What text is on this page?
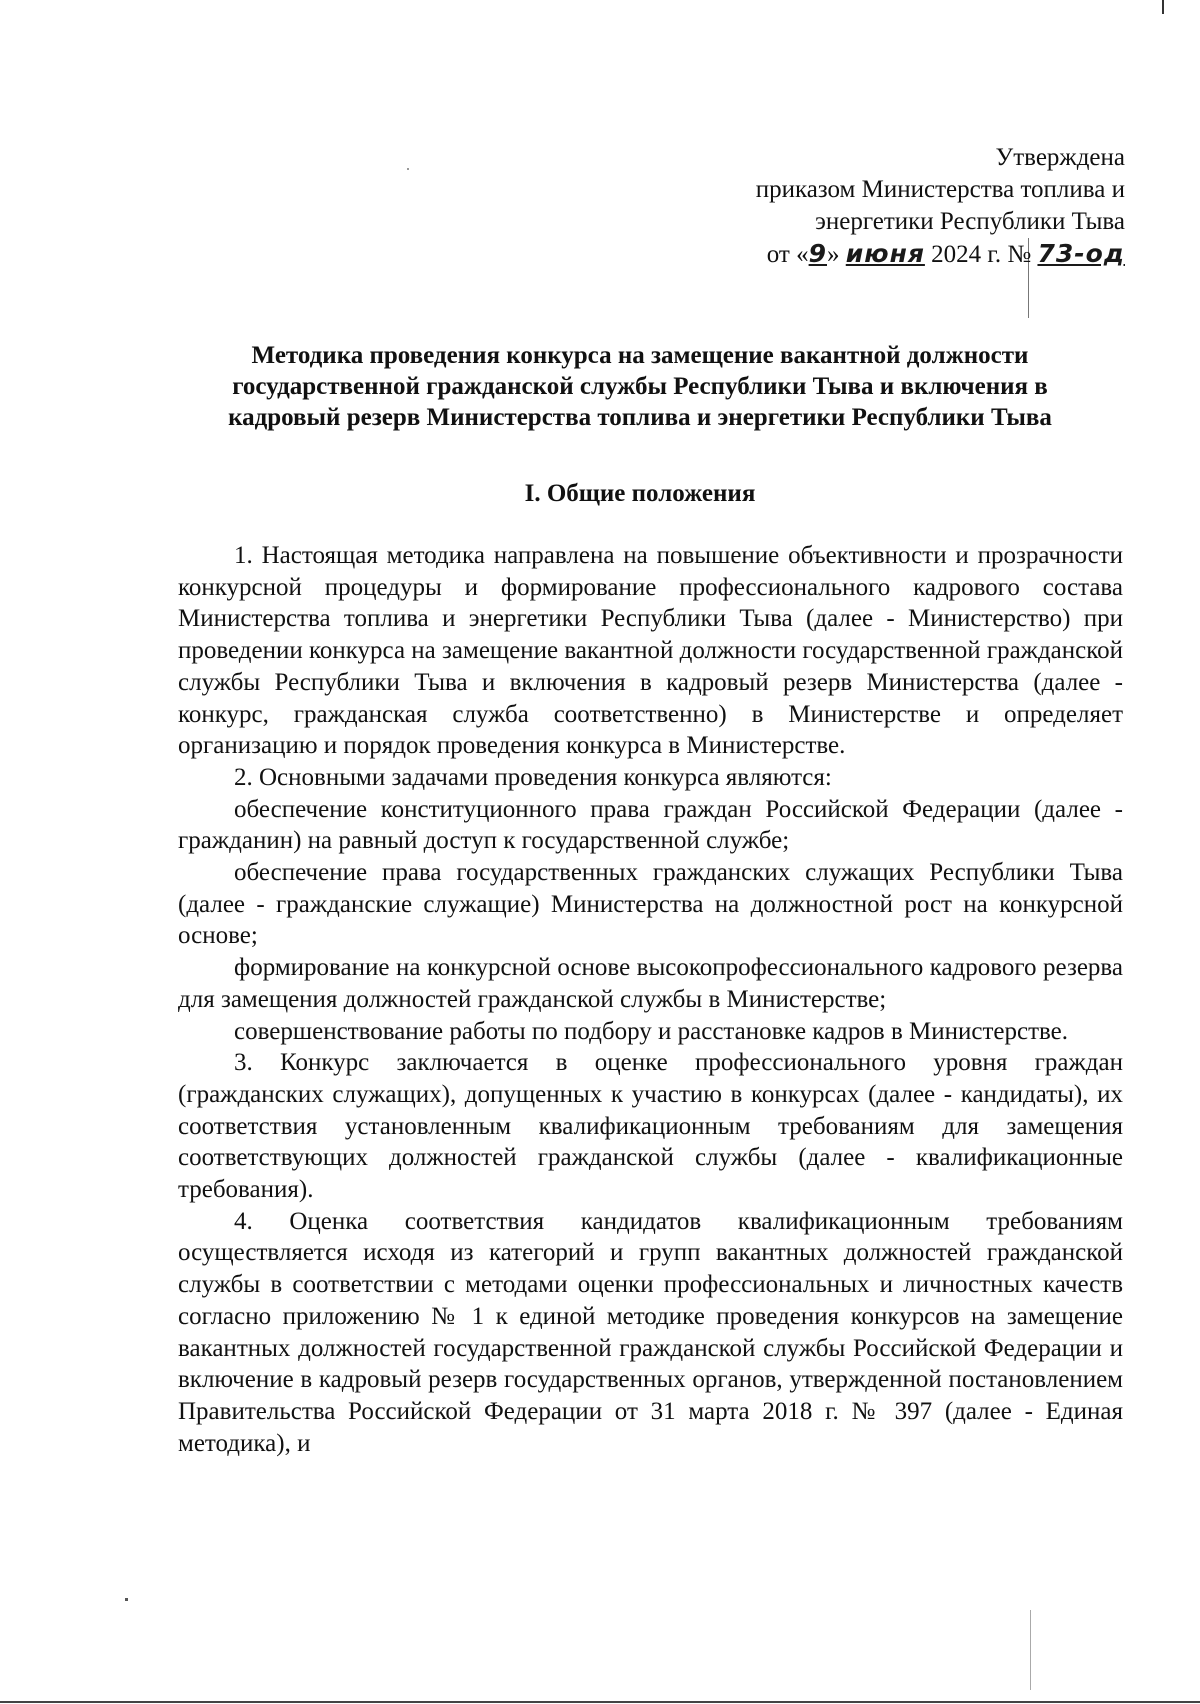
Утверждена
приказом Министерства топлива и
энергетики Республики Тыва
от «9» июня 2024 г. № 73-од
Методика проведения конкурса на замещение вакантной должности
государственной гражданской службы Республики Тыва и включения в
кадровый резерв Министерства топлива и энергетики Республики Тыва
I. Общие положения

1. Настоящая методика направлена на повышение объективности и прозрачности конкурсной процедуры и формирование профессионального кадрового состава Министерства топлива и энергетики Республики Тыва (далее - Министерство) при проведении конкурса на замещение вакантной должности государственной гражданской службы Республики Тыва и включения в кадровый резерв Министерства (далее - конкурс, гражданская служба соответственно) в Министерстве и определяет организацию и порядок проведения конкурса в Министерстве.

2. Основными задачами проведения конкурса являются:

обеспечение конституционного права граждан Российской Федерации (далее - гражданин) на равный доступ к государственной службе;

обеспечение права государственных гражданских служащих Республики Тыва (далее - гражданские служащие) Министерства на должностной рост на конкурсной основе;

формирование на конкурсной основе высокопрофессионального кадрового резерва для замещения должностей гражданской службы в Министерстве;

совершенствование работы по подбору и расстановке кадров в Министерстве.

3. Конкурс заключается в оценке профессионального уровня граждан (гражданских служащих), допущенных к участию в конкурсах (далее - кандидаты), их соответствия установленным квалификационным требованиям для замещения соответствующих должностей гражданской службы (далее - квалификационные требования).

4. Оценка соответствия кандидатов квалификационным требованиям осуществляется исходя из категорий и групп вакантных должностей гражданской службы в соответствии с методами оценки профессиональных и личностных качеств согласно приложению № 1 к единой методике проведения конкурсов на замещение вакантных должностей государственной гражданской службы Российской Федерации и включение в кадровый резерв государственных органов, утвержденной постановлением Правительства Российской Федерации от 31 марта 2018 г. № 397 (далее - Единая методика), и
